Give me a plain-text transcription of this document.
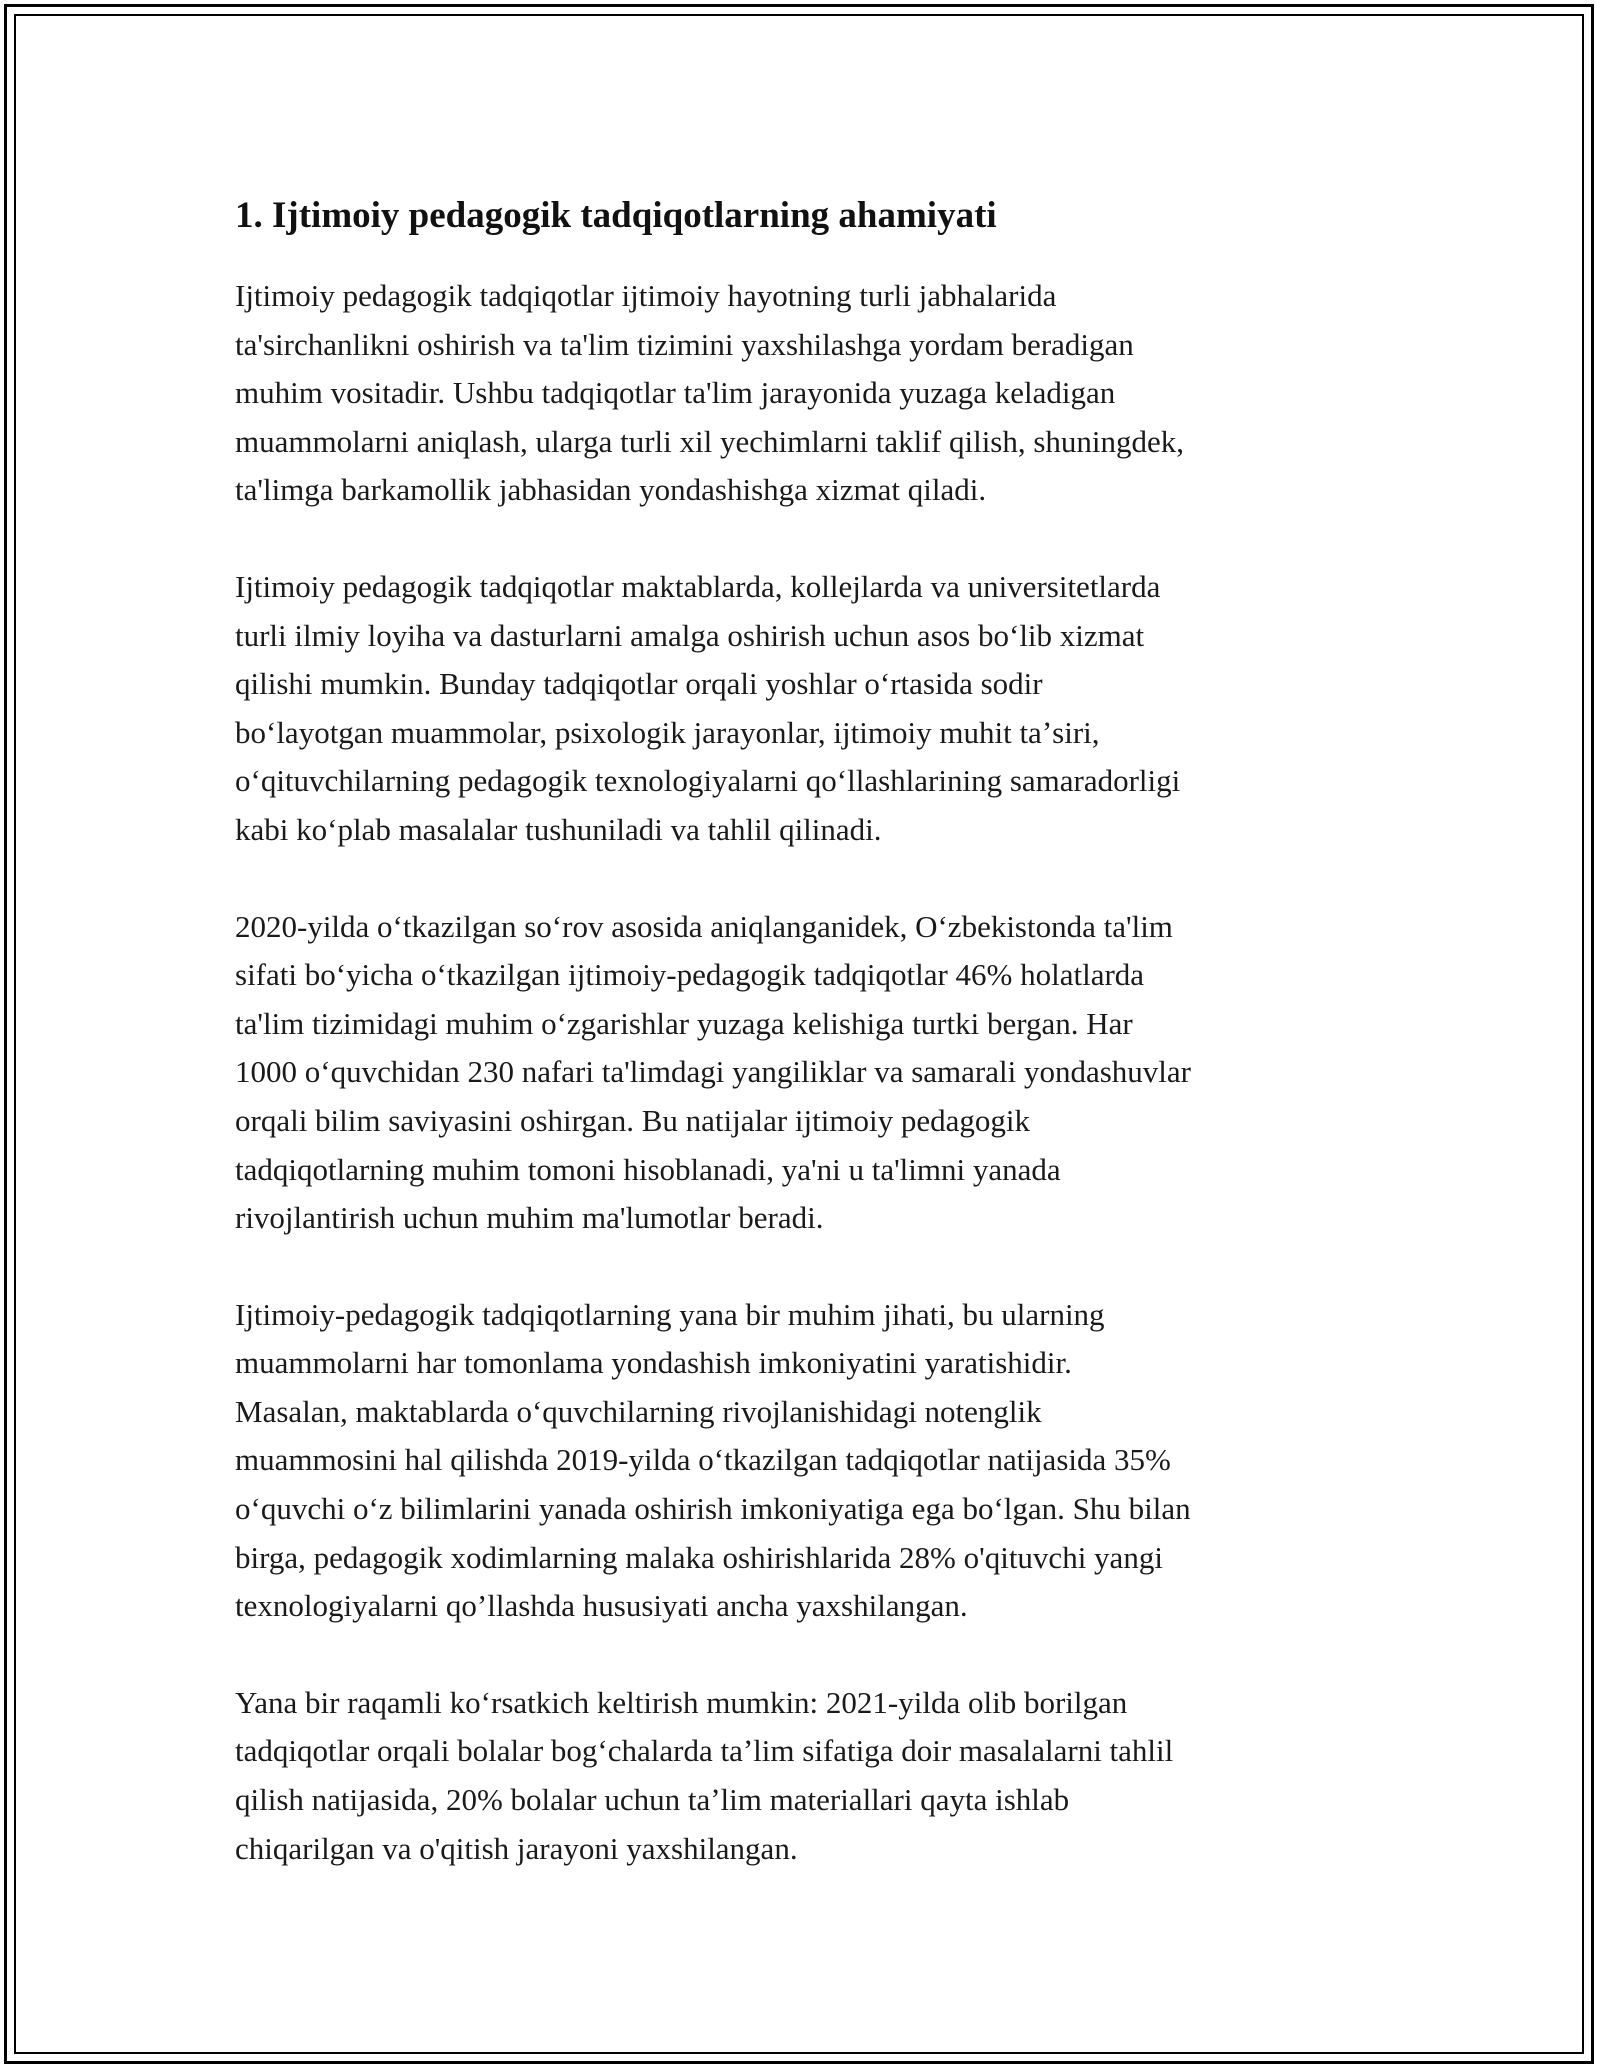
1. Ijtimoiy pedagogik tadqiqotlarning ahamiyati

Ijtimoiy pedagogik tadqiqotlar ijtimoiy hayotning turli jabhalarida
ta'sirchanlikni oshirish va ta'lim tizimini yaxshilashga yordam beradigan
muhim vositadir. Ushbu tadqiqotlar ta'lim jarayonida yuzaga keladigan
muammolarni aniqlash, ularga turli xil yechimlarni taklif qilish, shuningdek,
ta'limga barkamollik jabhasidan yondashishga xizmat qiladi.

Ijtimoiy pedagogik tadqiqotlar maktablarda, kollejlarda va universitetlarda
turli ilmiy loyiha va dasturlarni amalga oshirish uchun asos boʻlib xizmat
qilishi mumkin. Bunday tadqiqotlar orqali yoshlar oʻrtasida sodir
boʻlayotgan muammolar, psixologik jarayonlar, ijtimoiy muhit taʼsiri,
oʻqituvchilarning pedagogik texnologiyalarni qoʻllashlarining samaradorligi
kabi koʻplab masalalar tushuniladi va tahlil qilinadi.

2020-yilda oʻtkazilgan soʻrov asosida aniqlanganidek, Oʻzbekistonda ta'lim
sifati boʻyicha oʻtkazilgan ijtimoiy-pedagogik tadqiqotlar 46% holatlarda
ta'lim tizimidagi muhim oʻzgarishlar yuzaga kelishiga turtki bergan. Har
1000 oʻquvchidan 230 nafari ta'limdagi yangiliklar va samarali yondashuvlar
orqali bilim saviyasini oshirgan. Bu natijalar ijtimoiy pedagogik
tadqiqotlarning muhim tomoni hisoblanadi, ya'ni u ta'limni yanada
rivojlantirish uchun muhim ma'lumotlar beradi.

Ijtimoiy-pedagogik tadqiqotlarning yana bir muhim jihati, bu ularning
muammolarni har tomonlama yondashish imkoniyatini yaratishidir.
Masalan, maktablarda oʻquvchilarning rivojlanishidagi notenglik
muammosini hal qilishda 2019-yilda oʻtkazilgan tadqiqotlar natijasida 35%
oʻquvchi oʻz bilimlarini yanada oshirish imkoniyatiga ega boʻlgan. Shu bilan
birga, pedagogik xodimlarning malaka oshirishlarida 28% o'qituvchi yangi
texnologiyalarni qo’llashda hususiyati ancha yaxshilangan.

Yana bir raqamli koʻrsatkich keltirish mumkin: 2021-yilda olib borilgan
tadqiqotlar orqali bolalar bogʻchalarda taʼlim sifatiga doir masalalarni tahlil
qilish natijasida, 20% bolalar uchun taʼlim materiallari qayta ishlab
chiqarilgan va o'qitish jarayoni yaxshilangan.
